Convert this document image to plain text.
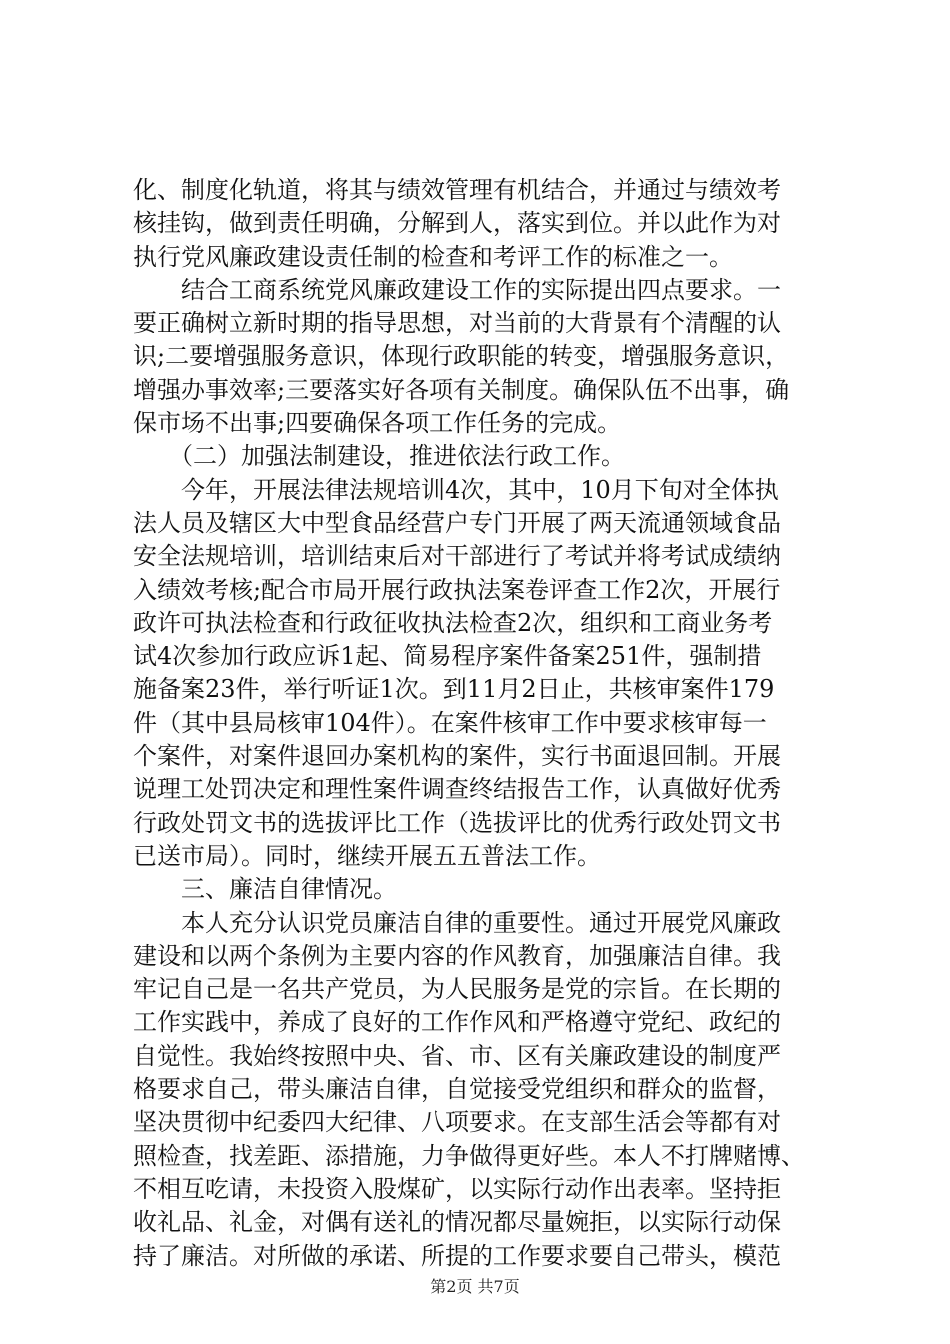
化、制度化轨道，将其与绩效管理有机结合，并通过与绩效考
核挂钩，做到责任明确，分解到人，落实到位。并以此作为对
执行党风廉政建设责任制的检查和考评工作的标准之一。
　　结合工商系统党风廉政建设工作的实际提出四点要求。一
要正确树立新时期的指导思想，对当前的大背景有个清醒的认
识;二要增强服务意识，体现行政职能的转变，增强服务意识，
增强办事效率;三要落实好各项有关制度。确保队伍不出事，确
保市场不出事;四要确保各项工作任务的完成。
　　（二）加强法制建设，推进依法行政工作。
　　今年，开展法律法规培训4次，其中，10月下旬对全体执
法人员及辖区大中型食品经营户专门开展了两天流通领域食品
安全法规培训，培训结束后对干部进行了考试并将考试成绩纳
入绩效考核;配合市局开展行政执法案卷评查工作2次，开展行
政许可执法检查和行政征收执法检查2次，组织和工商业务考
试4次参加行政应诉1起、简易程序案件备案251件，强制措
施备案23件，举行听证1次。到11月2日止，共核审案件179
件（其中县局核审104件）。在案件核审工作中要求核审每一
个案件，对案件退回办案机构的案件，实行书面退回制。开展
说理工处罚决定和理性案件调查终结报告工作，认真做好优秀
行政处罚文书的选拔评比工作（选拔评比的优秀行政处罚文书
已送市局）。同时，继续开展五五普法工作。
　　三、廉洁自律情况。
　　本人充分认识党员廉洁自律的重要性。通过开展党风廉政
建设和以两个条例为主要内容的作风教育，加强廉洁自律。我
牢记自己是一名共产党员，为人民服务是党的宗旨。在长期的
工作实践中，养成了良好的工作作风和严格遵守党纪、政纪的
自觉性。我始终按照中央、省、市、区有关廉政建设的制度严
格要求自己，带头廉洁自律，自觉接受党组织和群众的监督，
坚决贯彻中纪委四大纪律、八项要求。在支部生活会等都有对
照检查，找差距、添措施，力争做得更好些。本人不打牌赌博、
不相互吃请，未投资入股煤矿，以实际行动作出表率。坚持拒
收礼品、礼金，对偶有送礼的情况都尽量婉拒，以实际行动保
持了廉洁。对所做的承诺、所提的工作要求要自己带头，模范
第2页 共7页
